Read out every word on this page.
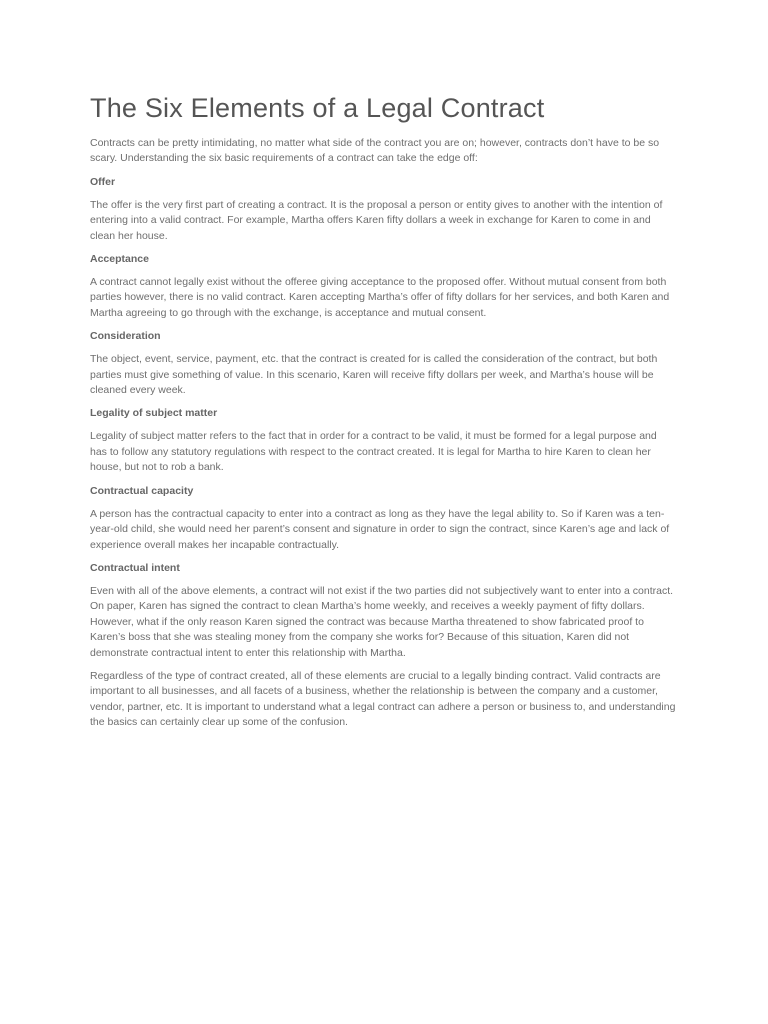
The Six Elements of a Legal Contract

Contracts can be pretty intimidating, no matter what side of the contract you are on; however, contracts don’t have to be so scary. Understanding the six basic requirements of a contract can take the edge off:

Offer

The offer is the very first part of creating a contract. It is the proposal a person or entity gives to another with the intention of entering into a valid contract. For example, Martha offers Karen fifty dollars a week in exchange for Karen to come in and clean her house.

Acceptance

A contract cannot legally exist without the offeree giving acceptance to the proposed offer. Without mutual consent from both parties however, there is no valid contract. Karen accepting Martha’s offer of fifty dollars for her services, and both Karen and Martha agreeing to go through with the exchange, is acceptance and mutual consent.

Consideration

The object, event, service, payment, etc. that the contract is created for is called the consideration of the contract, but both parties must give something of value. In this scenario, Karen will receive fifty dollars per week, and Martha’s house will be cleaned every week.

Legality of subject matter

Legality of subject matter refers to the fact that in order for a contract to be valid, it must be formed for a legal purpose and has to follow any statutory regulations with respect to the contract created. It is legal for Martha to hire Karen to clean her house, but not to rob a bank.

Contractual capacity

A person has the contractual capacity to enter into a contract as long as they have the legal ability to. So if Karen was a ten-year-old child, she would need her parent’s consent and signature in order to sign the contract, since Karen’s age and lack of experience overall makes her incapable contractually.

Contractual intent

Even with all of the above elements, a contract will not exist if the two parties did not subjectively want to enter into a contract. On paper, Karen has signed the contract to clean Martha’s home weekly, and receives a weekly payment of fifty dollars. However, what if the only reason Karen signed the contract was because Martha threatened to show fabricated proof to Karen’s boss that she was stealing money from the company she works for? Because of this situation, Karen did not demonstrate contractual intent to enter this relationship with Martha.

Regardless of the type of contract created, all of these elements are crucial to a legally binding contract. Valid contracts are important to all businesses, and all facets of a business, whether the relationship is between the company and a customer, vendor, partner, etc. It is important to understand what a legal contract can adhere a person or business to, and understanding the basics can certainly clear up some of the confusion.
